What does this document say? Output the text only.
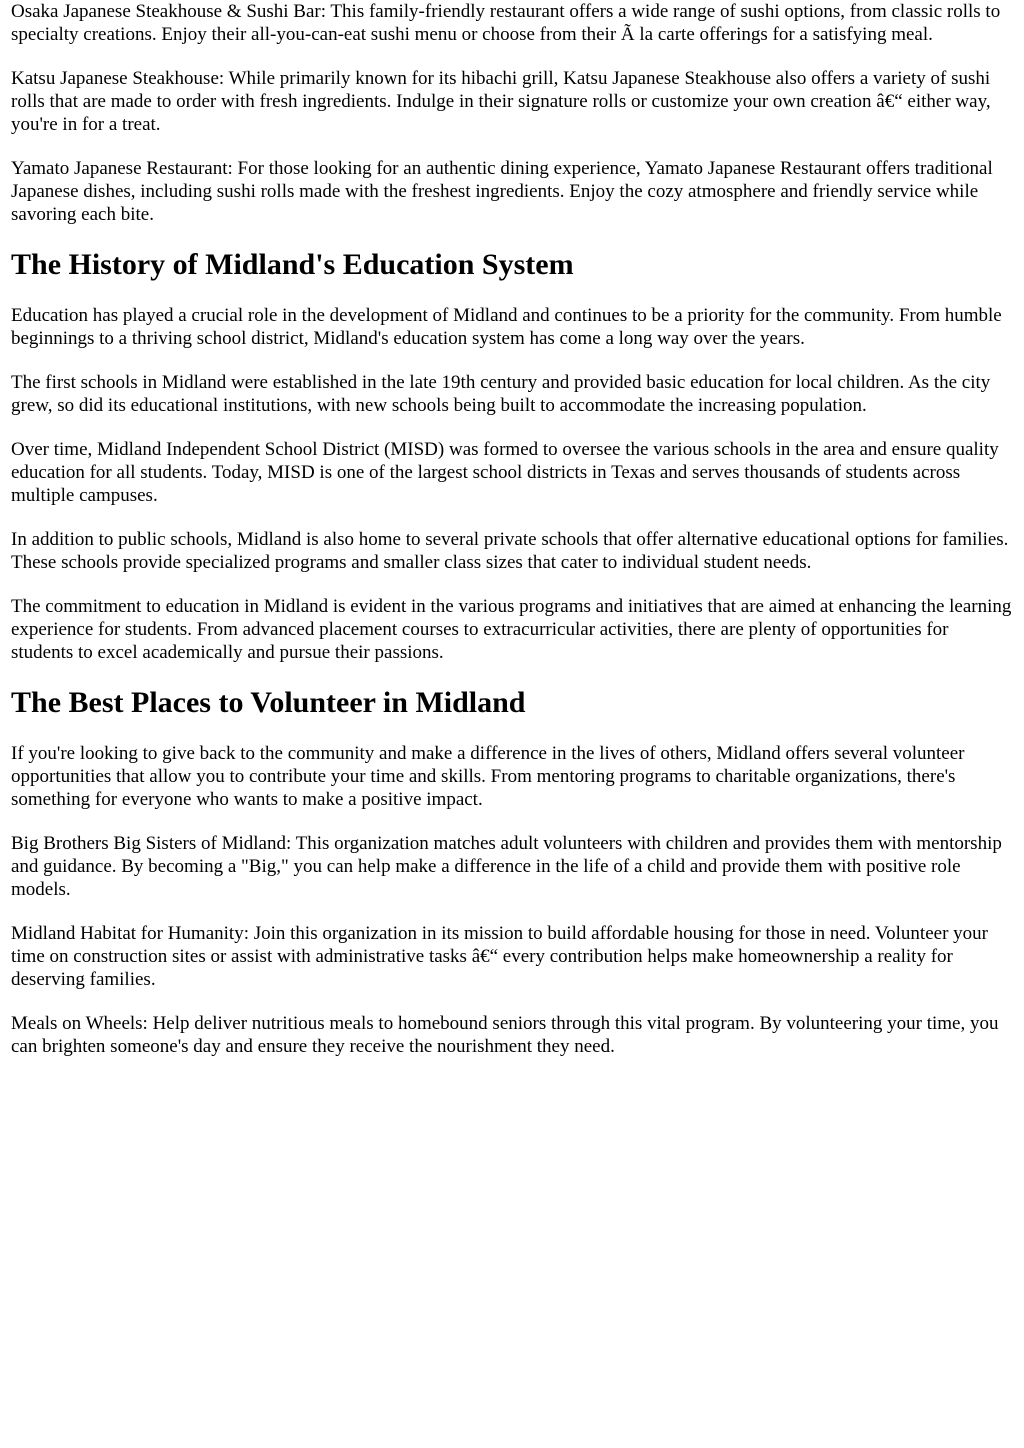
Osaka Japanese Steakhouse & Sushi Bar: This family-friendly restaurant offers a wide range of sushi options, from classic rolls to specialty creations. Enjoy their all-you-can-eat sushi menu or choose from their Ã la carte offerings for a satisfying meal.

Katsu Japanese Steakhouse: While primarily known for its hibachi grill, Katsu Japanese Steakhouse also offers a variety of sushi rolls that are made to order with fresh ingredients. Indulge in their signature rolls or customize your own creation â€“ either way, you're in for a treat.

Yamato Japanese Restaurant: For those looking for an authentic dining experience, Yamato Japanese Restaurant offers traditional Japanese dishes, including sushi rolls made with the freshest ingredients. Enjoy the cozy atmosphere and friendly service while savoring each bite.

The History of Midland's Education System

Education has played a crucial role in the development of Midland and continues to be a priority for the community. From humble beginnings to a thriving school district, Midland's education system has come a long way over the years.

The first schools in Midland were established in the late 19th century and provided basic education for local children. As the city grew, so did its educational institutions, with new schools being built to accommodate the increasing population.

Over time, Midland Independent School District (MISD) was formed to oversee the various schools in the area and ensure quality education for all students. Today, MISD is one of the largest school districts in Texas and serves thousands of students across multiple campuses.

In addition to public schools, Midland is also home to several private schools that offer alternative educational options for families. These schools provide specialized programs and smaller class sizes that cater to individual student needs.

The commitment to education in Midland is evident in the various programs and initiatives that are aimed at enhancing the learning experience for students. From advanced placement courses to extracurricular activities, there are plenty of opportunities for students to excel academically and pursue their passions.

The Best Places to Volunteer in Midland

If you're looking to give back to the community and make a difference in the lives of others, Midland offers several volunteer opportunities that allow you to contribute your time and skills. From mentoring programs to charitable organizations, there's something for everyone who wants to make a positive impact.

Big Brothers Big Sisters of Midland: This organization matches adult volunteers with children and provides them with mentorship and guidance. By becoming a "Big," you can help make a difference in the life of a child and provide them with positive role models.

Midland Habitat for Humanity: Join this organization in its mission to build affordable housing for those in need. Volunteer your time on construction sites or assist with administrative tasks â€“ every contribution helps make homeownership a reality for deserving families.

Meals on Wheels: Help deliver nutritious meals to homebound seniors through this vital program. By volunteering your time, you can brighten someone's day and ensure they receive the nourishment they need.
